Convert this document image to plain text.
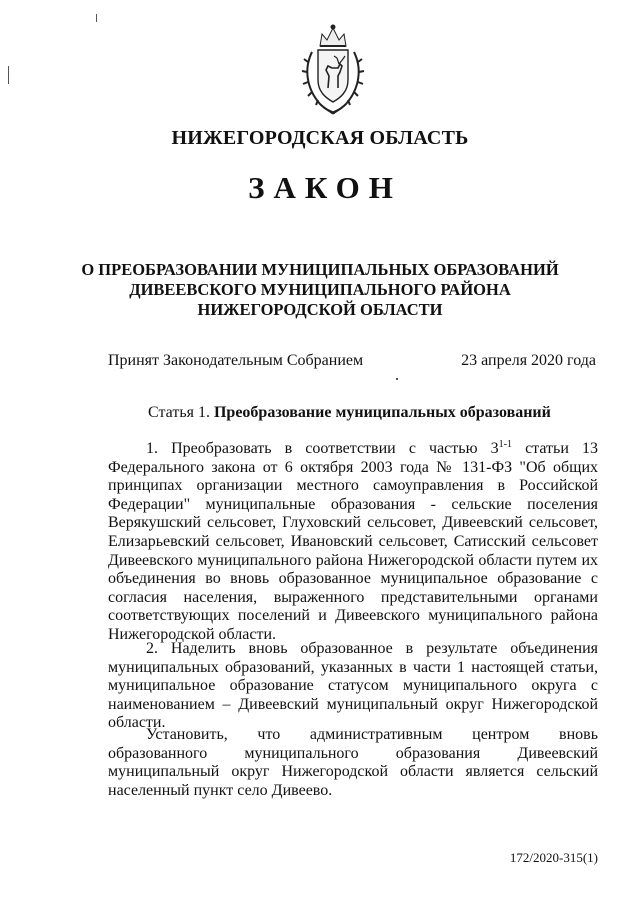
НИЖЕГОРОДСКАЯ ОБЛАСТЬ
ЗАКОН
О ПРЕОБРАЗОВАНИИ МУНИЦИПАЛЬНЫХ ОБРАЗОВАНИЙ
ДИВЕЕВСКОГО МУНИЦИПАЛЬНОГО РАЙОНА
НИЖЕГОРОДСКОЙ ОБЛАСТИ
Принят Законодательным Собранием	23 апреля 2020 года
Статья 1. Преобразование муниципальных образований

1. Преобразовать в соответствии с частью 3$^{1-1}$ статьи 13 Федерального закона от 6 октября 2003 года № 131-ФЗ "Об общих принципах организации местного самоуправления в Российской Федерации" муниципальные образования - сельские поселения Верякушский сельсовет, Глуховский сельсовет, Дивеевский сельсовет, Елизарьевский сельсовет, Ивановский сельсовет, Сатисский сельсовет Дивеевского муниципального района Нижегородской области путем их объединения во вновь образованное муниципальное образование с согласия населения, выраженного представительными органами соответствующих поселений и Дивеевского муниципального района Нижегородской области.

2. Наделить вновь образованное в результате объединения муниципальных образований, указанных в части 1 настоящей статьи, муниципальное образование статусом муниципального округа с наименованием – Дивеевский муниципальный округ Нижегородской области.

Установить, что административным центром вновь образованного муниципального образования Дивеевский муниципальный округ Нижегородской области является сельский населенный пункт село Дивеево.

172/2020-315(1)
